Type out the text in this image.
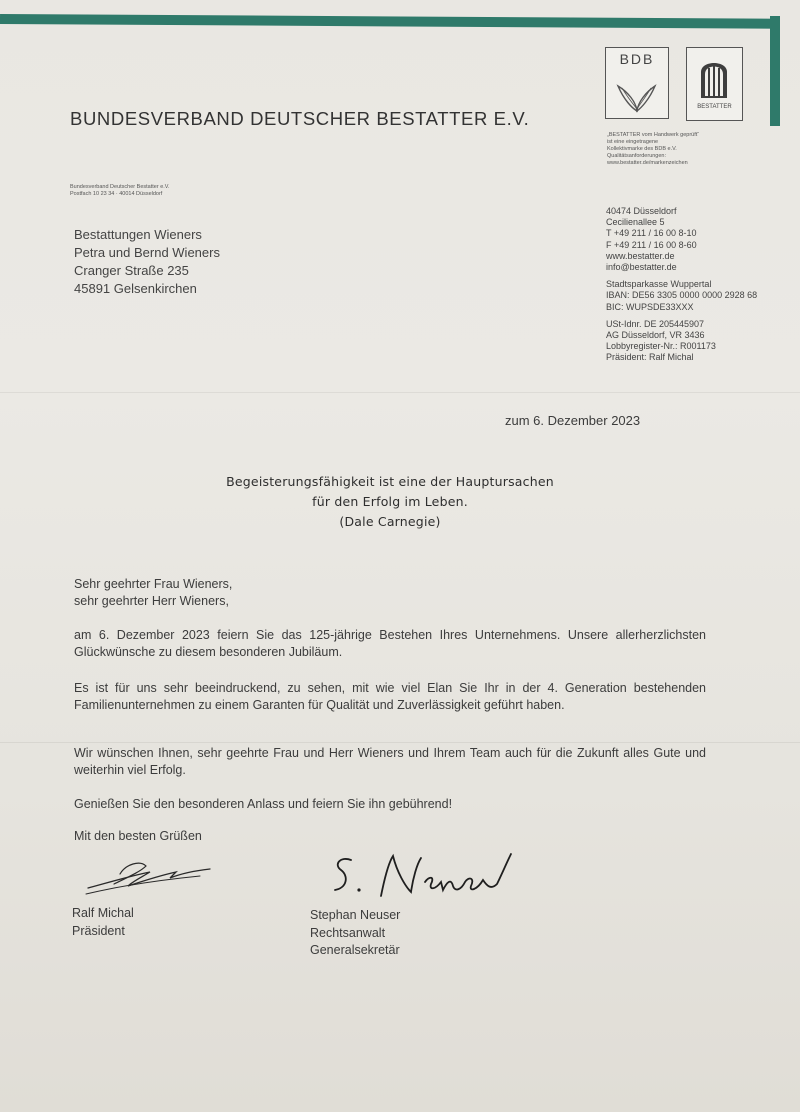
BUNDESVERBAND DEUTSCHER BESTATTER E.V.
Bundesverband Deutscher Bestatter e.V.
Postfach 10 23 34 · 40014 Düsseldorf
Bestattungen Wieners
Petra und Bernd Wieners
Cranger Straße 235
45891 Gelsenkirchen
BDB
BESTATTER
„BESTATTER vom Handwerk geprüft“
ist eine eingetragene
Kollektivmarke des BDB e.V.
Qualitätsanforderungen:
www.bestatter.de/markenzeichen
40474 Düsseldorf
Cecilienallee 5
T +49 211 / 16 00 8-10
F +49 211 / 16 00 8-60
www.bestatter.de
info@bestatter.de
Stadtsparkasse Wuppertal
IBAN: DE56 3305 0000 0000 2928 68
BIC: WUPSDE33XXX
USt-Idnr. DE 205445907
AG Düsseldorf, VR 3436
Lobbyregister-Nr.: R001173
Präsident: Ralf Michal
zum 6. Dezember 2023
Begeisterungsfähigkeit ist eine der Hauptursachen
für den Erfolg im Leben.
(Dale Carnegie)
Sehr geehrter Frau Wieners,
sehr geehrter Herr Wieners,
am 6. Dezember 2023 feiern Sie das 125-jährige Bestehen Ihres Unternehmens. Unsere allerherzlichsten Glückwünsche zu diesem besonderen Jubiläum.
Es ist für uns sehr beeindruckend, zu sehen, mit wie viel Elan Sie Ihr in der 4. Generation bestehenden Familienunternehmen zu einem Garanten für Qualität und Zuverlässigkeit geführt haben.
Wir wünschen Ihnen, sehr geehrte Frau und Herr Wieners und Ihrem Team auch für die Zukunft alles Gute und weiterhin viel Erfolg.
Genießen Sie den besonderen Anlass und feiern Sie ihn gebührend!
Mit den besten Grüßen
Ralf Michal
Präsident
Stephan Neuser
Rechtsanwalt
Generalsekretär
